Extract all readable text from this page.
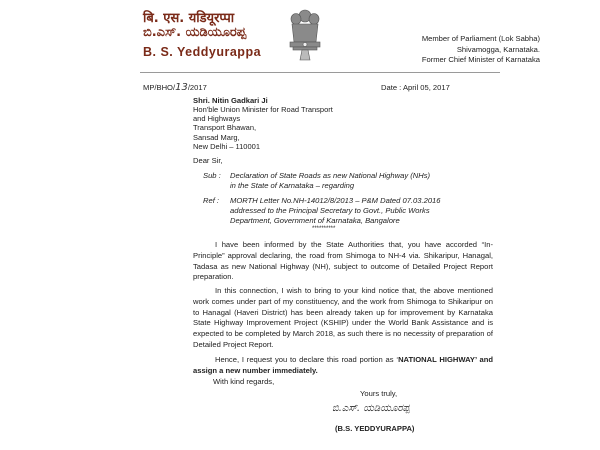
बि. एस. यडियूरप्पा
ಬಿ.ಎಸ್. ಯಡಿಯೂರಪ್ಪ
B. S. Yeddyurappa
Member of Parliament (Lok Sabha)
Shivamogga, Karnataka.
Former Chief Minister of Karnataka
MP/BHO/13/2017	Date : April 05, 2017
Shri. Nitin Gadkari Ji
Hon'ble Union Minister for Road Transport
and Highways
Transport Bhawan,
Sansad Marg,
New Delhi – 110001
Dear Sir,
Sub : Declaration of State Roads as new National Highway (NHs)
in the State of Karnataka – regarding
Ref : MORTH Letter No.NH-14012/8/2013 – P&M Dated 07.03.2016
addressed to the Principal Secretary to Govt., Public Works
Department, Government of Karnataka, Bangalore
**********
I have been informed by the State Authorities that, you have accorded “In-Principle” approval declaring, the road from Shimoga to NH-4 via. Shikaripur, Hanagal, Tadasa as new National Highway (NH), subject to outcome of Detailed Project Report preparation.
In this connection, I wish to bring to your kind notice that, the above mentioned work comes under part of my constituency, and the work from Shimoga to Shikaripur on to Hanagal (Haveri District) has been already taken up for improvement by Karnataka State Highway Improvement Project (KSHIP) under the World Bank Assistance and is expected to be completed by March 2018, as such there is no necessity of preparation of Detailed Project Report.
Hence, I request you to declare this road portion as ‘NATIONAL HIGHWAY’ and assign a new number immediately.
With kind regards,
Yours truly,
ಬಿ.ಎಸ್. ಯಡಿಯೂರಪ್ಪ
(B.S. YEDDYURAPPA)
